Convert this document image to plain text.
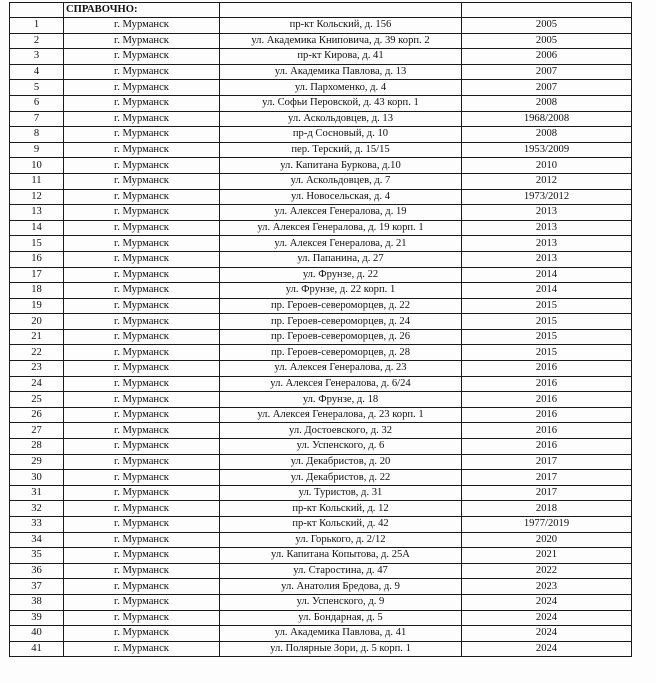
	СПРАВОЧНО:		
1	г. Мурманск	пр-кт Кольский, д. 156	2005
2	г. Мурманск	ул. Академика Книповича, д. 39 корп. 2	2005
3	г. Мурманск	пр-кт Кирова, д. 41	2006
4	г. Мурманск	ул. Академика Павлова, д. 13	2007
5	г. Мурманск	ул. Пархоменко, д. 4	2007
6	г. Мурманск	ул. Софьи Перовской, д. 43 корп. 1	2008
7	г. Мурманск	ул. Аскольдовцев, д. 13	1968/2008
8	г. Мурманск	пр-д Сосновый, д. 10	2008
9	г. Мурманск	пер. Терский, д. 15/15	1953/2009
10	г. Мурманск	ул. Капитана Буркова, д.10	2010
11	г. Мурманск	ул. Аскольдовцев, д. 7	2012
12	г. Мурманск	ул. Новосельская, д. 4	1973/2012
13	г. Мурманск	ул. Алексея Генералова, д. 19	2013
14	г. Мурманск	ул. Алексея Генералова, д. 19 корп. 1	2013
15	г. Мурманск	ул. Алексея Генералова, д. 21	2013
16	г. Мурманск	ул. Папанина, д. 27	2013
17	г. Мурманск	ул. Фрунзе, д. 22	2014
18	г. Мурманск	ул. Фрунзе, д. 22 корп. 1	2014
19	г. Мурманск	пр. Героев-североморцев, д. 22	2015
20	г. Мурманск	пр. Героев-североморцев, д. 24	2015
21	г. Мурманск	пр. Героев-североморцев, д. 26	2015
22	г. Мурманск	пр. Героев-североморцев, д. 28	2015
23	г. Мурманск	ул. Алексея Генералова, д. 23	2016
24	г. Мурманск	ул. Алексея Генералова, д. 6/24	2016
25	г. Мурманск	ул. Фрунзе, д. 18	2016
26	г. Мурманск	ул. Алексея Генералова, д. 23 корп. 1	2016
27	г. Мурманск	ул. Достоевского, д. 32	2016
28	г. Мурманск	ул. Успенского, д. 6	2016
29	г. Мурманск	ул. Декабристов, д. 20	2017
30	г. Мурманск	ул. Декабристов, д. 22	2017
31	г. Мурманск	ул. Туристов, д. 31	2017
32	г. Мурманск	пр-кт Кольский, д. 12	2018
33	г. Мурманск	пр-кт Кольский, д. 42	1977/2019
34	г. Мурманск	ул. Горького, д. 2/12	2020
35	г. Мурманск	ул. Капитана Копытова, д. 25А	2021
36	г. Мурманск	ул. Старостина, д. 47	2022
37	г. Мурманск	ул. Анатолия Бредова, д. 9	2023
38	г. Мурманск	ул. Успенского, д. 9	2024
39	г. Мурманск	ул. Бондарная, д. 5	2024
40	г. Мурманск	ул. Академика Павлова, д. 41	2024
41	г. Мурманск	ул. Полярные Зори, д. 5 корп. 1	2024
